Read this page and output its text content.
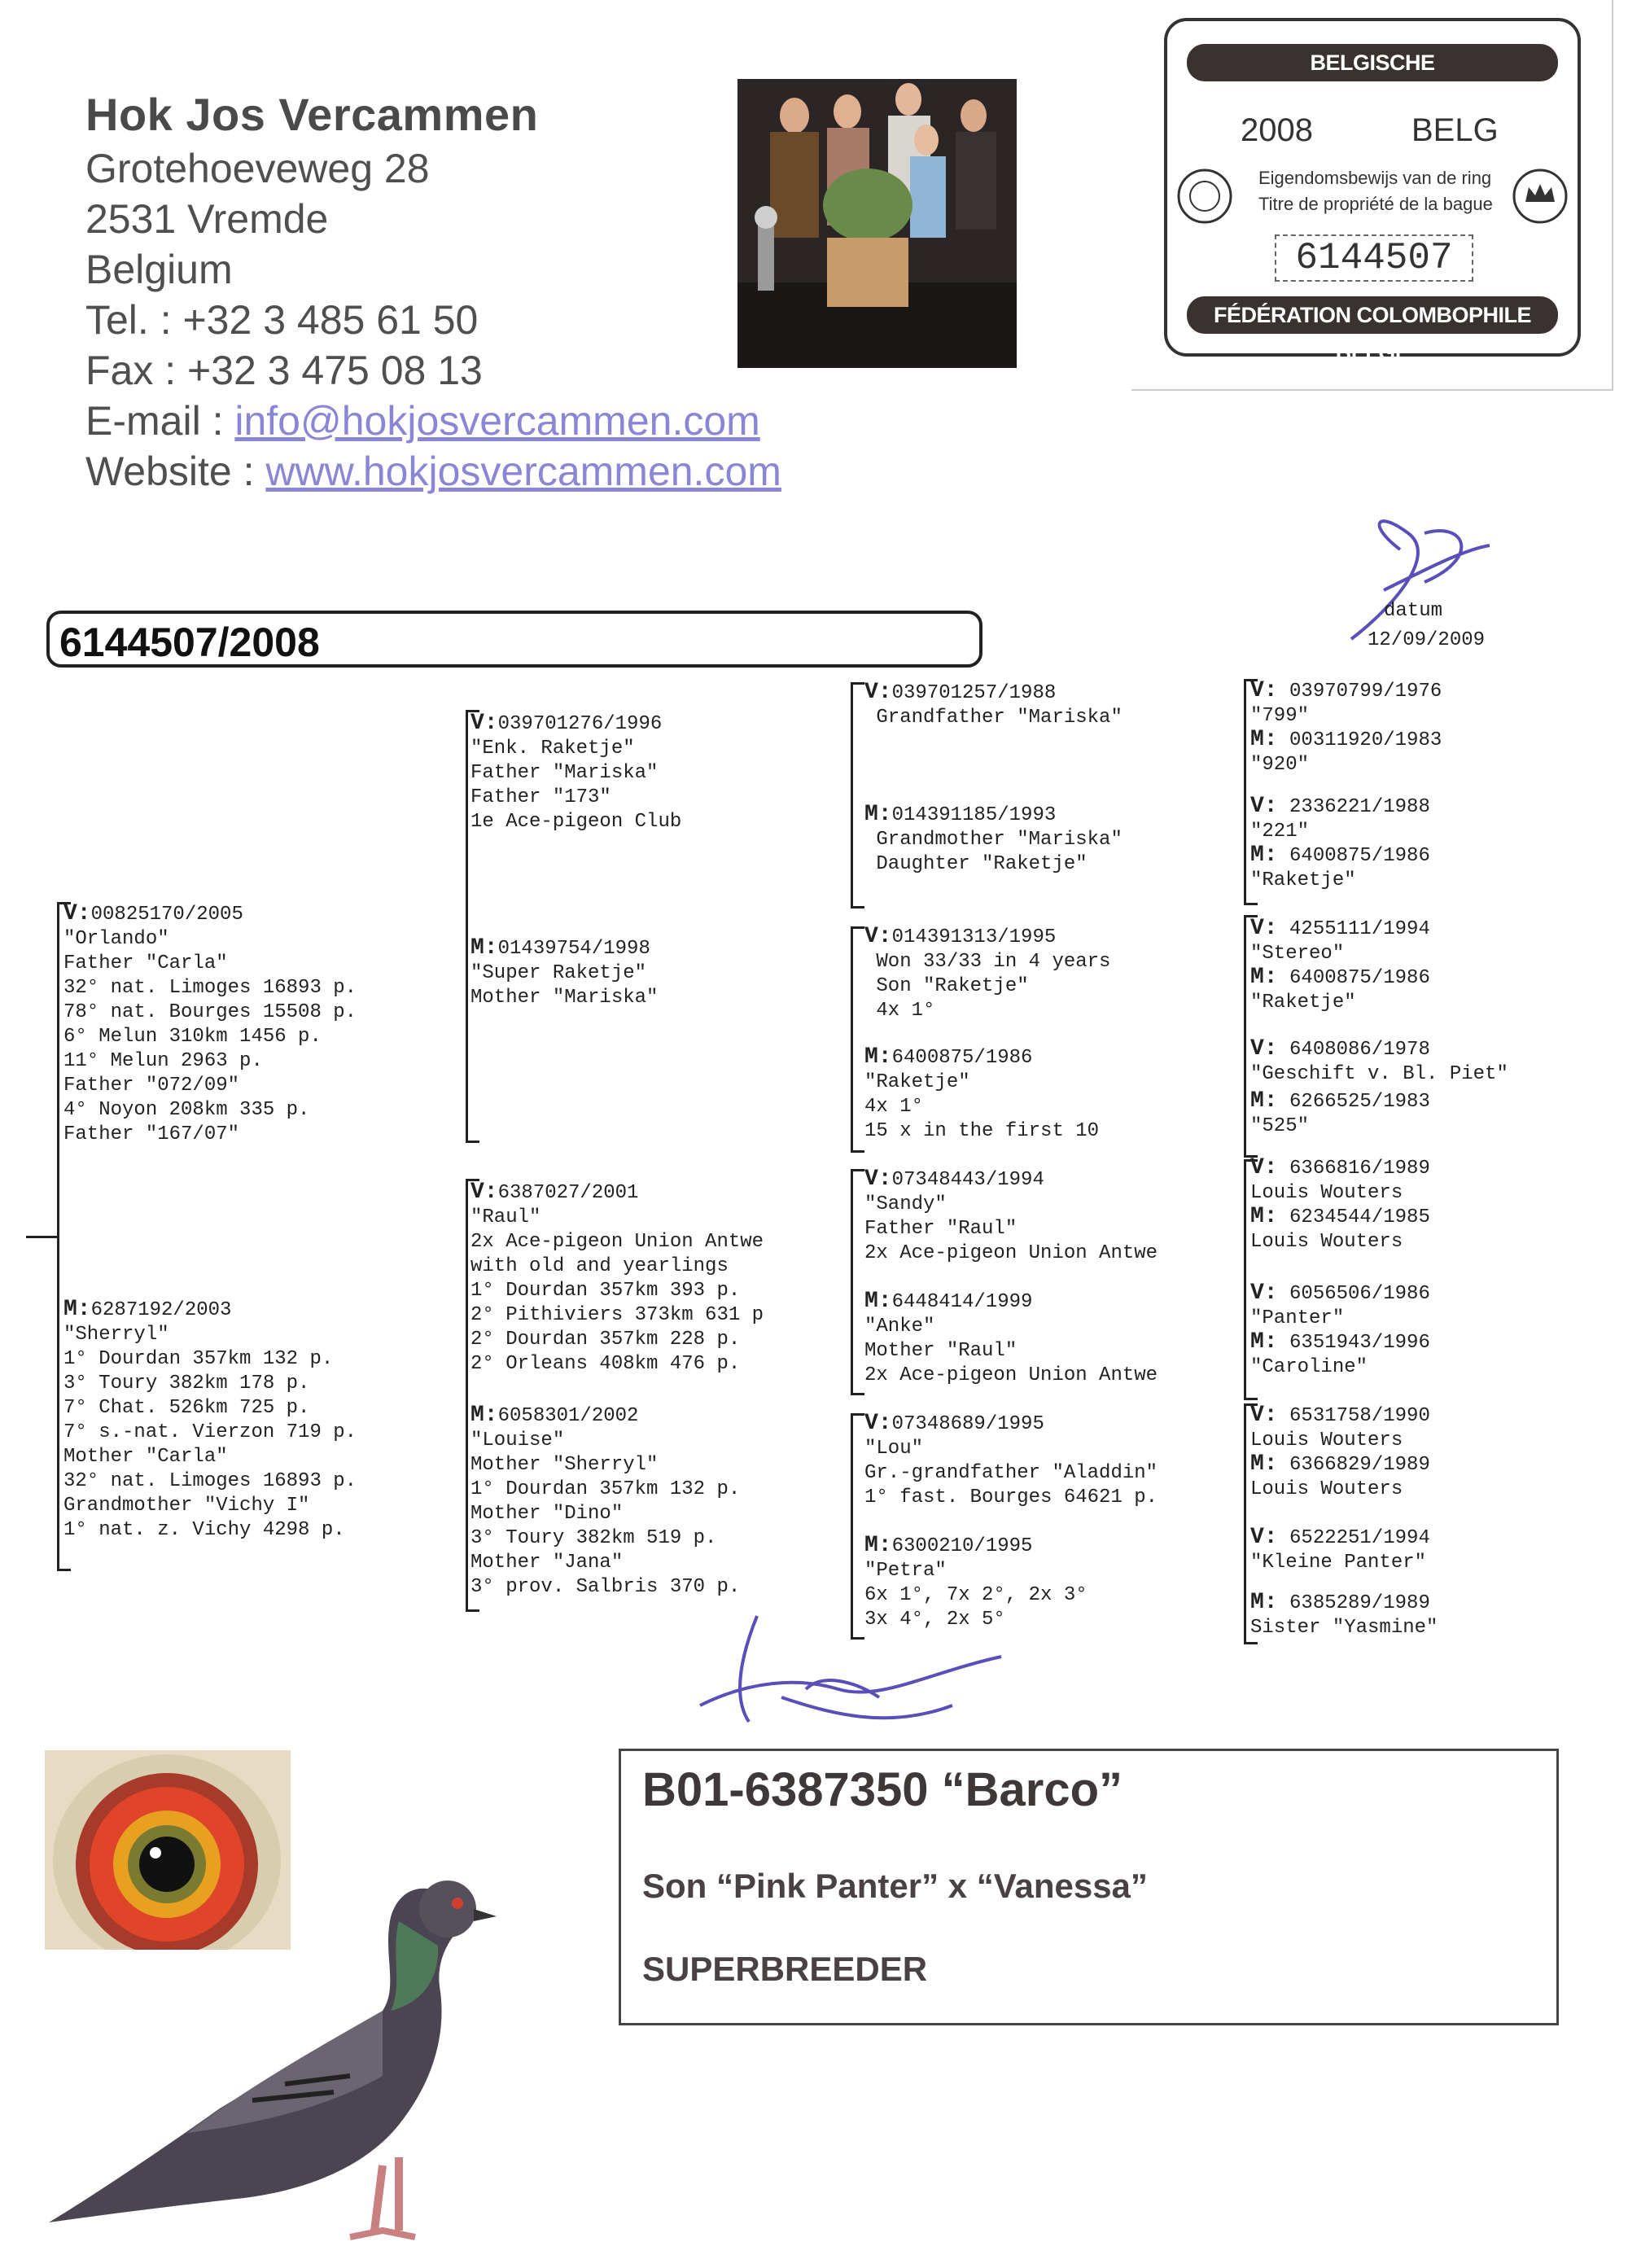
Hok Jos Vercammen
Grotehoeveweg 28
2531 Vremde
Belgium
Tel. : +32 3 485 61 50
Fax : +32 3 475 08 13
E-mail : info@hokjosvercammen.com
Website : www.hokjosvercammen.com
BELGISCHE DUIVENLIEFHEBBERSBOND
2008	BELG
Eigendomsbewijs van de ring
Titre de propriété de la bague
6144507
FÉDÉRATION COLOMBOPHILE BELGE
datum
12/09/2009
6144507/2008
V:00825170/2005
"Orlando"
Father "Carla"
32° nat. Limoges 16893 p.
78° nat. Bourges 15508 p.
6° Melun 310km 1456 p.
11° Melun 2963 p.
Father "072/09"
4° Noyon 208km 335 p.
Father "167/07"
M:6287192/2003
"Sherryl"
1° Dourdan 357km 132 p.
3° Toury 382km 178 p.
7° Chat. 526km 725 p.
7° s.-nat. Vierzon 719 p.
Mother "Carla"
32° nat. Limoges 16893 p.
Grandmother "Vichy I"
1° nat. z. Vichy 4298 p.
V:039701276/1996
"Enk. Raketje"
Father "Mariska"
Father "173"
1e Ace-pigeon Club
M:01439754/1998
"Super Raketje"
Mother "Mariska"
V:6387027/2001
"Raul"
2x Ace-pigeon Union Antwe
with old and yearlings
1° Dourdan 357km 393 p.
2° Pithiviers 373km 631 p
2° Dourdan 357km 228 p.
2° Orleans 408km 476 p.
M:6058301/2002
"Louise"
Mother "Sherryl"
1° Dourdan 357km 132 p.
Mother "Dino"
3° Toury 382km 519 p.
Mother "Jana"
3° prov. Salbris 370 p.
V:039701257/1988
Grandfather "Mariska"
M:014391185/1993
Grandmother "Mariska"
Daughter "Raketje"
V:014391313/1995
Won 33/33 in 4 years
Son "Raketje"
4x 1°
M:6400875/1986
"Raketje"
4x 1°
15 x in the first 10
V:07348443/1994
"Sandy"
Father "Raul"
2x Ace-pigeon Union Antwe
M:6448414/1999
"Anke"
Mother "Raul"
2x Ace-pigeon Union Antwe
V:07348689/1995
"Lou"
Gr.-grandfather "Aladdin"
1° fast. Bourges 64621 p.
M:6300210/1995
"Petra"
6x 1°, 7x 2°, 2x 3°
3x 4°, 2x 5°
V: 03970799/1976
"799"
M: 00311920/1983
"920"
V: 2336221/1988
"221"
M: 6400875/1986
"Raketje"
V: 4255111/1994
"Stereo"
M: 6400875/1986
"Raketje"
V: 6408086/1978
"Geschift v. Bl. Piet"
M: 6266525/1983
"525"
V: 6366816/1989
Louis Wouters
M: 6234544/1985
Louis Wouters
V: 6056506/1986
"Panter"
M: 6351943/1996
"Caroline"
V: 6531758/1990
Louis Wouters
M: 6366829/1989
Louis Wouters
V: 6522251/1994
"Kleine Panter"
M: 6385289/1989
Sister "Yasmine"
B01-6387350 “Barco”
Son “Pink Panter” x “Vanessa”
SUPERBREEDER
